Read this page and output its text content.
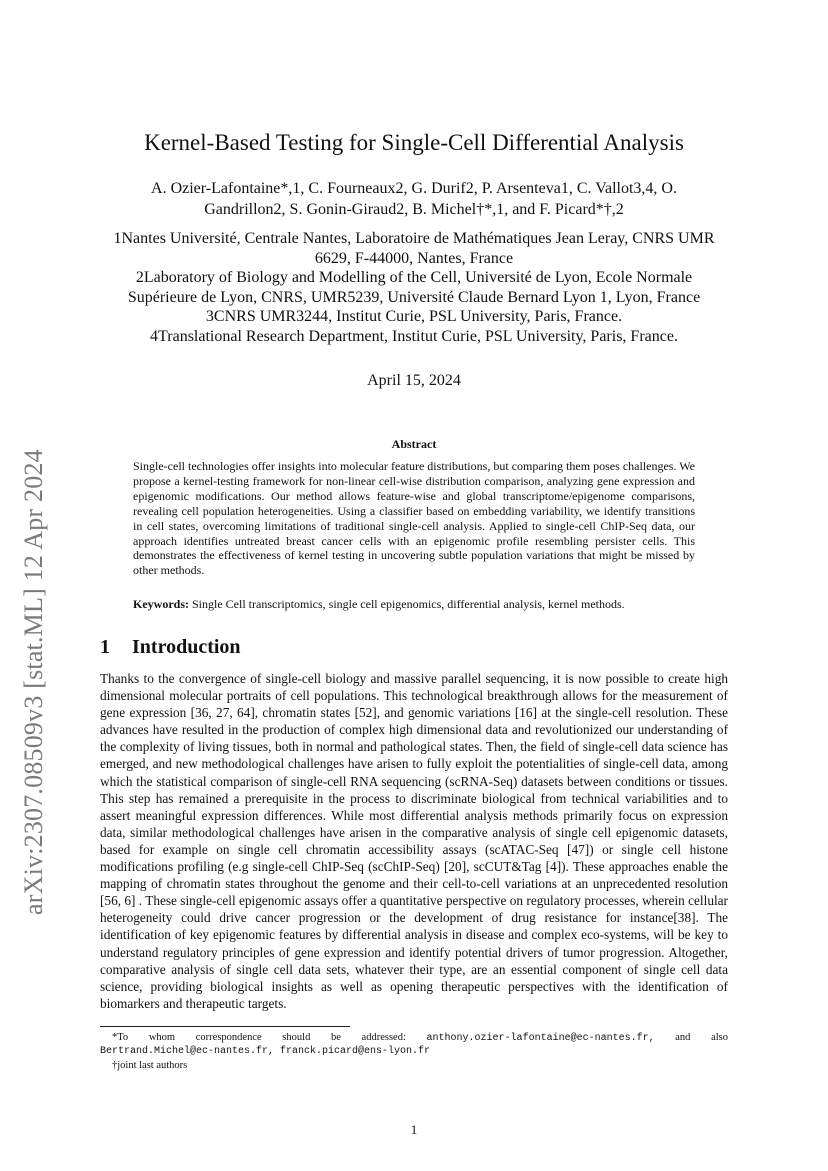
arXiv:2307.08509v3 [stat.ML] 12 Apr 2024
Kernel-Based Testing for Single-Cell Differential Analysis
A. Ozier-Lafontaine*,1, C. Fourneaux2, G. Durif2, P. Arsenteva1, C. Vallot3,4, O.
Gandrillon2, S. Gonin-Giraud2, B. Michel†*,1, and F. Picard*†,2
1Nantes Université, Centrale Nantes, Laboratoire de Mathématiques Jean Leray, CNRS UMR 6629, F-44000, Nantes, France
2Laboratory of Biology and Modelling of the Cell, Université de Lyon, Ecole Normale Supérieure de Lyon, CNRS, UMR5239, Université Claude Bernard Lyon 1, Lyon, France
3CNRS UMR3244, Institut Curie, PSL University, Paris, France.
4Translational Research Department, Institut Curie, PSL University, Paris, France.
April 15, 2024
Abstract
Single-cell technologies offer insights into molecular feature distributions, but comparing them poses challenges. We propose a kernel-testing framework for non-linear cell-wise distribution comparison, analyzing gene expression and epigenomic modifications. Our method allows feature-wise and global transcriptome/epigenome comparisons, revealing cell population heterogeneities. Using a classifier based on embedding variability, we identify transitions in cell states, overcoming limitations of traditional single-cell analysis. Applied to single-cell ChIP-Seq data, our approach identifies untreated breast cancer cells with an epigenomic profile resembling persister cells. This demonstrates the effectiveness of kernel testing in uncovering subtle population variations that might be missed by other methods.
Keywords: Single Cell transcriptomics, single cell epigenomics, differential analysis, kernel methods.
1 Introduction
Thanks to the convergence of single-cell biology and massive parallel sequencing, it is now possible to create high dimensional molecular portraits of cell populations. This technological breakthrough allows for the measurement of gene expression [36, 27, 64], chromatin states [52], and genomic variations [16] at the single-cell resolution. These advances have resulted in the production of complex high dimensional data and revolutionized our understanding of the complexity of living tissues, both in normal and pathological states. Then, the field of single-cell data science has emerged, and new methodological challenges have arisen to fully exploit the potentialities of single-cell data, among which the statistical comparison of single-cell RNA sequencing (scRNA-Seq) datasets between conditions or tissues. This step has remained a prerequisite in the process to discriminate biological from technical variabilities and to assert meaningful expression differences. While most differential analysis methods primarily focus on expression data, similar methodological challenges have arisen in the comparative analysis of single cell epigenomic datasets, based for example on single cell chromatin accessibility assays (scATAC-Seq [47]) or single cell histone modifications profiling (e.g single-cell ChIP-Seq (scChIP-Seq) [20], scCUT&Tag [4]). These approaches enable the mapping of chromatin states throughout the genome and their cell-to-cell variations at an unprecedented resolution [56, 6] . These single-cell epigenomic assays offer a quantitative perspective on regulatory processes, wherein cellular heterogeneity could drive cancer progression or the development of drug resistance for instance[38]. The identification of key epigenomic features by differential analysis in disease and complex eco-systems, will be key to understand regulatory principles of gene expression and identify potential drivers of tumor progression. Altogether, comparative analysis of single cell data sets, whatever their type, are an essential component of single cell data science, providing biological insights as well as opening therapeutic perspectives with the identification of biomarkers and therapeutic targets.
*To whom correspondence should be addressed: anthony.ozier-lafontaine@ec-nantes.fr, and also
Bertrand.Michel@ec-nantes.fr, franck.picard@ens-lyon.fr
†joint last authors
1
